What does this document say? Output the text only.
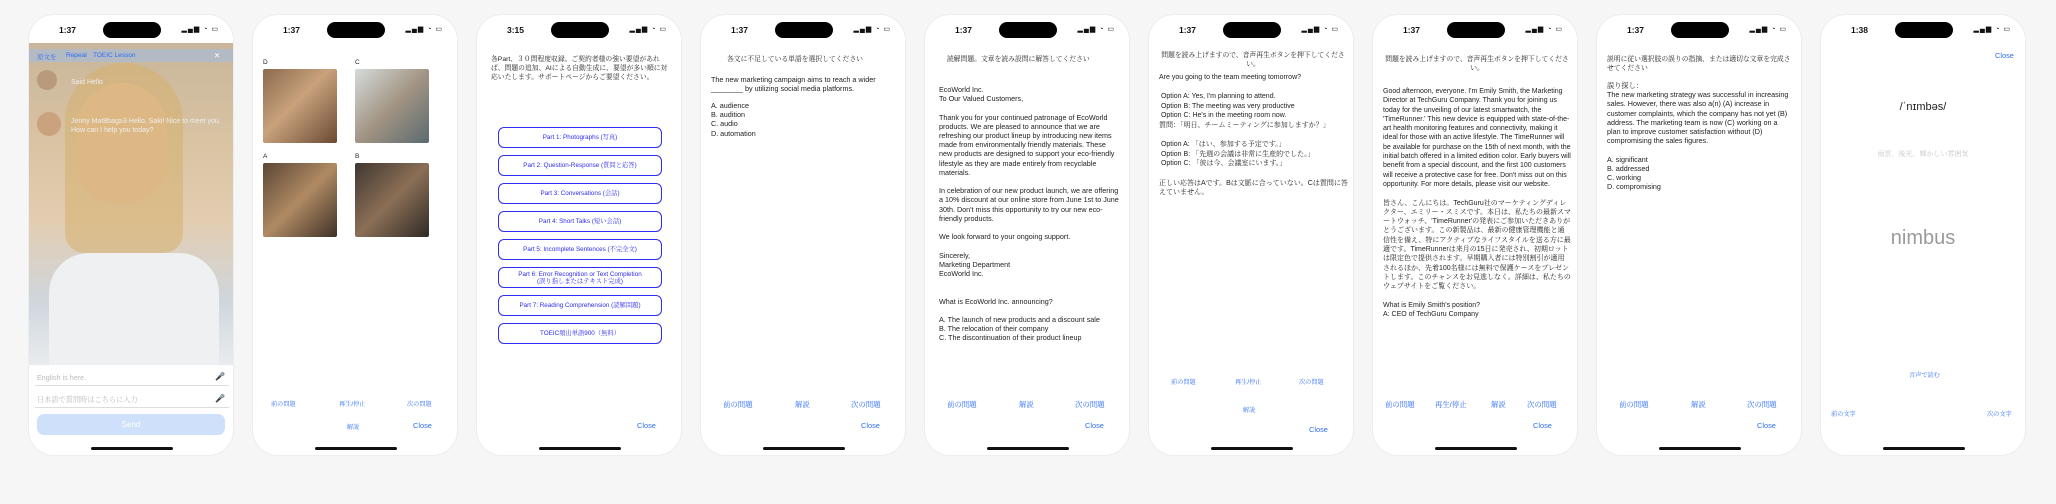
1:37	▂▄▆ ◔ ▭
原文を Repeat TOEIC Lesson	✕
Said Hello
Jenny Mat8bag≥3·Hello, Saki! Nice to meet you. How can I help you today?
English is here.	🎤
日本語で質問時はこちらに入力	🎤
Send
1:37	▂▄▆ ◔ ▭
D	C
A	B
前の問題	再生/停止	次の問題
解説	Close
3:15	▂▄▆ ◔ ▭
各Part、３０問程度収録。ご契約者様の強い要望があれば、問題の追加、AIによる自動生成に、要望が多い順に対応いたします。サポートページからご要望ください。
Part 1: Photographs (写真)
Part 2: Question-Response (質問と応答)
Part 3: Conversations (会話)
Part 4: Short Talks (短い会話)
Part 5: Incomplete Sentences (不完全文)
Part 6: Error Recognition or Text Completion
(誤り指しまたはテキスト完成)
Part 7: Reading Comprehension (読解問題)
TOEIC頻出単語900（無料）
Close
1:37	▂▄▆ ◔ ▭
各文に不足している単語を選択してください
The new marketing campaign aims to reach a wider ________ by utilizing social media platforms.
A. audience
B. audition
C. audio
D. automation
前の問題	解説	次の問題
Close
1:37	▂▄▆ ◔ ▭
読解問題。文章を読み設問に解答してください
EcoWorld Inc.
To Our Valued Customers,

Thank you for your continued patronage of EcoWorld products. We are pleased to announce that we are refreshing our product lineup by introducing new items made from environmentally friendly materials. These new products are designed to support your eco-friendly lifestyle as they are made entirely from recyclable materials.

In celebration of our new product launch, we are offering a 10% discount at our online store from June 1st to June 30th. Don't miss this opportunity to try our new eco-friendly products.

We look forward to your ongoing support.

Sincerely,
Marketing Department
EcoWorld Inc.

What is EcoWorld Inc. announcing?

A. The launch of new products and a discount sale
B. The relocation of their company
C. The discontinuation of their product lineup
前の問題	解説	次の問題
Close
1:37	▂▄▆ ◔ ▭
問題を読み上げますので、音声再生ボタンを押下してください。
Are you going to the team meeting tomorrow?

Option A: Yes, I'm planning to attend.
Option B: The meeting was very productive
Option C: He's in the meeting room now.
質問：「明日、チームミーティングに参加しますか？」

Option A: 「はい、参加する予定です。」
Option B: 「先週の会議は非常に生産的でした。」
Option C: 「彼は今、会議室にいます。」

正しい応答はAです。Bは文脈に合っていない。Cは質問に答えていません。
前の問題	再生/停止	次の問題
解説
Close
1:37	▂▄▆ ◔ ▭
問題を読み上げますので、音声再生ボタンを押下してください。
Good afternoon, everyone. I'm Emily Smith, the Marketing Director at TechGuru Company. Thank you for joining us today for the unveiling of our latest smartwatch, the 'TimeRunner.' This new device is equipped with state-of-the-art health monitoring features and connectivity, making it ideal for those with an active lifestyle. The TimeRunner will be available for purchase on the 15th of next month, with the initial batch offered in a limited edition color. Early buyers will benefit from a special discount, and the first 100 customers will receive a protective case for free. Don't miss out on this opportunity. For more details, please visit our website.

皆さん、こんにちは。TechGuru社のマーケティングディレクター、エミリー・スミスです。本日は、私たちの最新スマートウォッチ、'TimeRunner'の発表にご参加いただきありがとうございます。この新製品は、最新の健康管理機能と通信性を備え、特にアクティブなライフスタイルを送る方に最適です。TimeRunnerは来月の15日に発売され、初期ロットは限定色で提供されます。早期購入者には特別割引が適用されるほか、先着100名様には無料で保護ケースをプレゼントします。このチャンスをお見逃しなく。詳細は、私たちのウェブサイトをご覧ください。

What is Emily Smith's position?
A: CEO of TechGuru Company
前の問題	再生/停止	解説	次の問題
Close
1:37	▂▄▆ ◔ ▭
説明に従い選択肢の誤りの指摘、または適切な文章を完成させてください
誤り探し：
The new marketing strategy was successful in increasing sales. However, there was also a(n) (A) increase in customer complaints, which the company has not yet (B) address. The marketing team is now (C) working on a plan to improve customer satisfaction without (D) compromising the sales figures.

A. significant
B. addressed
C. working
D. compromising
前の問題	解説	次の問題
Close
1:38	▂▄▆ ◔ ▭
Close
/ˈnɪmbəs/
雨雲、後光、輝かしい雰囲気
nimbus
音声で読む
前の文字	次の文字
